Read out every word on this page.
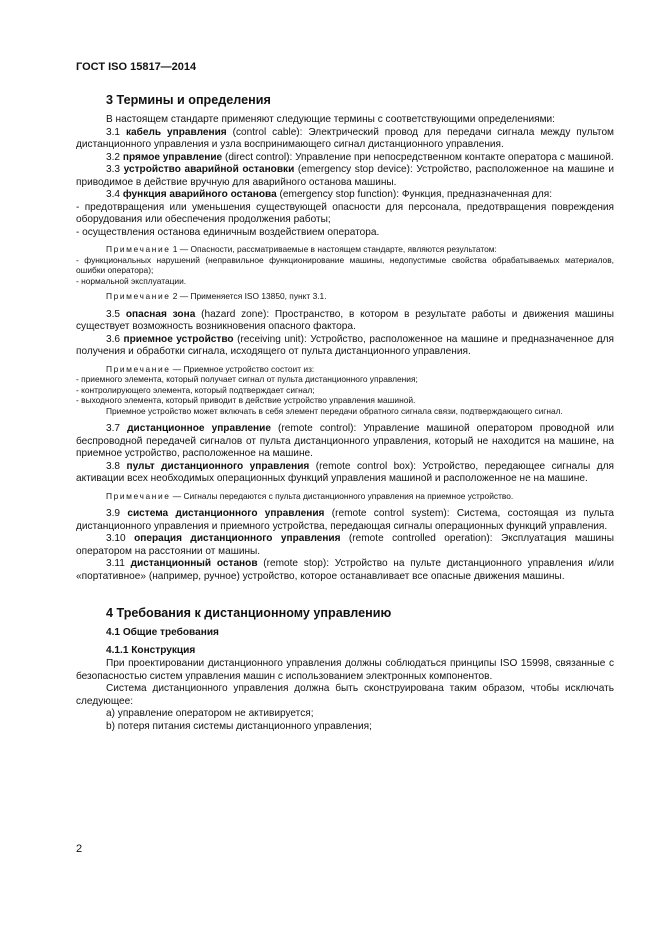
ГОСТ ISO 15817—2014
3 Термины и определения

В настоящем стандарте применяют следующие термины с соответствующими определениями:

3.1 кабель управления (control cable): Электрический провод для передачи сигнала между пультом дистанционного управления и узла воспринимающего сигнал дистанционного управления.

3.2 прямое управление (direct control): Управление при непосредственном контакте оператора с машиной.

3.3 устройство аварийной остановки (emergency stop device): Устройство, расположенное на машине и приводимое в действие вручную для аварийного останова машины.

3.4 функция аварийного останова (emergency stop function): Функция, предназначенная для:

- предотвращения или уменьшения существующей опасности для персонала, предотвращения повреждения оборудования или обеспечения продолжения работы;

- осуществления останова единичным воздействием оператора.

Примечание 1 — Опасности, рассматриваемые в настоящем стандарте, являются результатом:

- функциональных нарушений (неправильное функционирование машины, недопустимые свойства обрабатываемых материалов, ошибки оператора);

- нормальной эксплуатации.

Примечание 2 — Применяется ISO 13850, пункт 3.1.

3.5 опасная зона (hazard zone): Пространство, в котором в результате работы и движения машины существует возможность возникновения опасного фактора.

3.6 приемное устройство (receiving unit): Устройство, расположенное на машине и предназначенное для получения и обработки сигнала, исходящего от пульта дистанционного управления.

Примечание — Приемное устройство состоит из:

- приемного элемента, который получает сигнал от пульта дистанционного управления;

- контролирующего элемента, который подтверждает сигнал;

- выходного элемента, который приводит в действие устройство управления машиной.

Приемное устройство может включать в себя элемент передачи обратного сигнала связи, подтверждающего сигнал.

3.7 дистанционное управление (remote control): Управление машиной оператором проводной или беспроводной передачей сигналов от пульта дистанционного управления, который не находится на машине, на приемное устройство, расположенное на машине.

3.8 пульт дистанционного управления (remote control box): Устройство, передающее сигналы для активации всех необходимых операционных функций управления машиной и расположенное не на машине.

Примечание — Сигналы передаются с пульта дистанционного управления на приемное устройство.

3.9 система дистанционного управления (remote control system): Система, состоящая из пульта дистанционного управления и приемного устройства, передающая сигналы операционных функций управления.

3.10 операция дистанционного управления (remote controlled operation): Эксплуатация машины оператором на расстоянии от машины.

3.11 дистанционный останов (remote stop): Устройство на пульте дистанционного управления и/или «портативное» (например, ручное) устройство, которое останавливает все опасные движения машины.

4 Требования к дистанционному управлению
4.1 Общие требования
4.1.1 Конструкция

При проектировании дистанционного управления должны соблюдаться принципы ISO 15998, связанные с безопасностью систем управления машин с использованием электронных компонентов.

Система дистанционного управления должна быть сконструирована таким образом, чтобы исключать следующее:

а) управление оператором не активируется;

b) потеря питания системы дистанционного управления;

2
